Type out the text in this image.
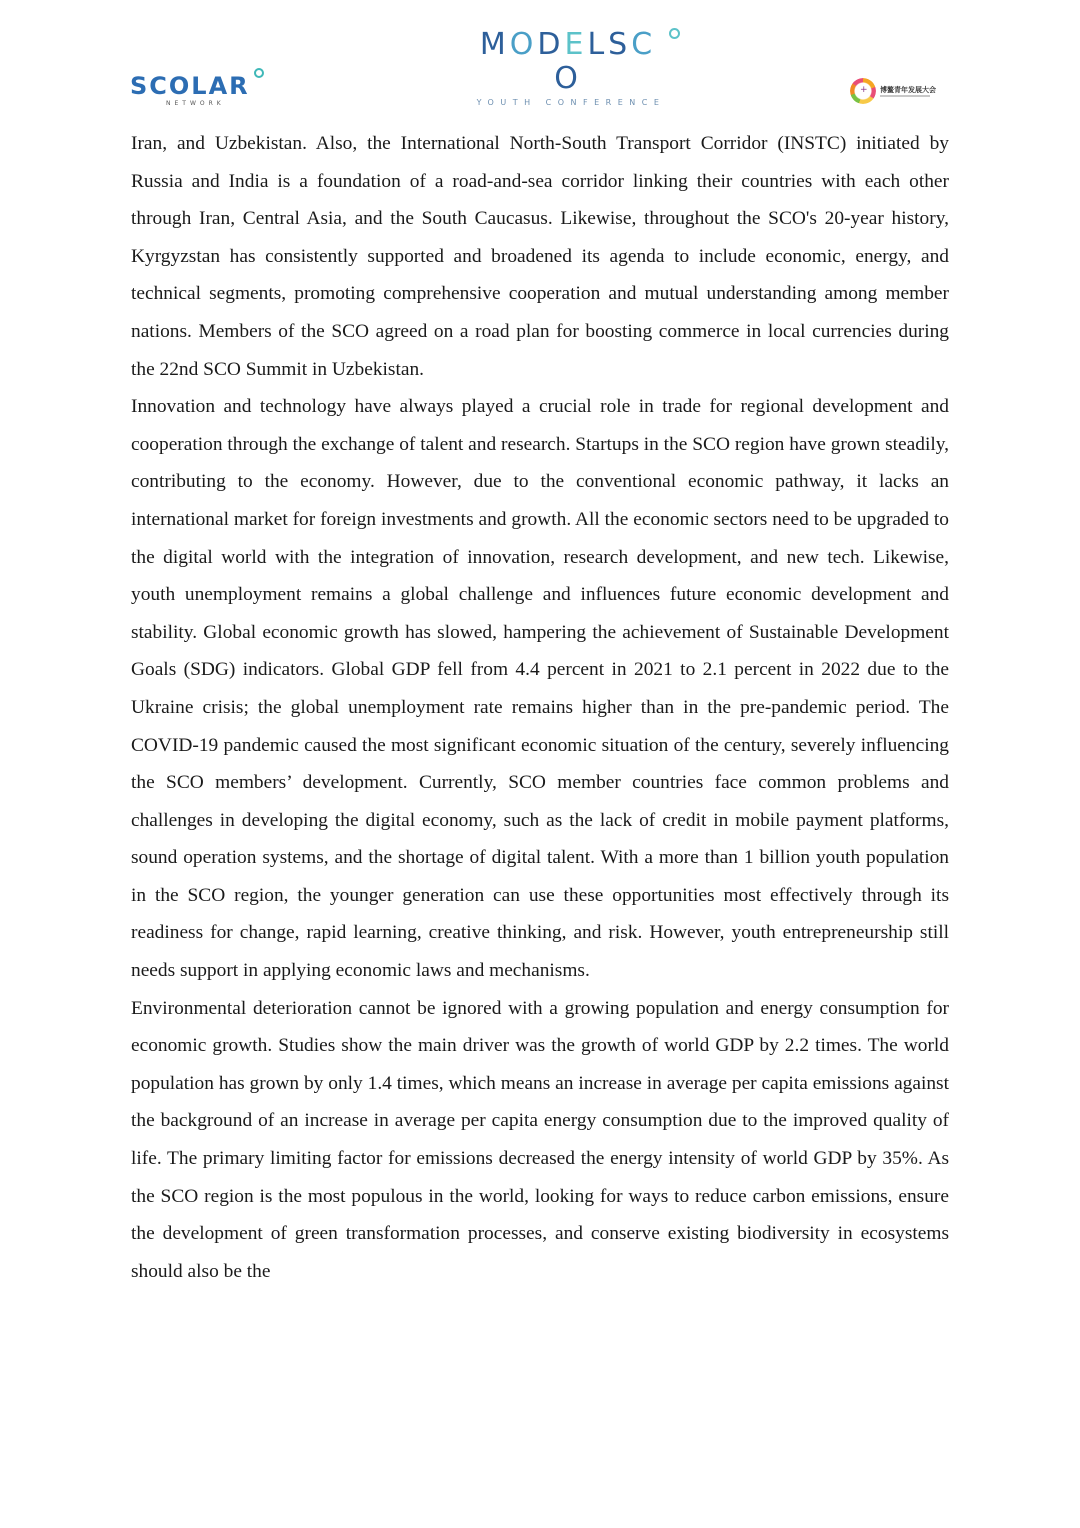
MODELSCO
YOUTH CONFERENCE
SCOLAR
NETWORK
+ 博鳌青年发展大会

Iran, and Uzbekistan. Also, the International North-South Transport Corridor (INSTC) initiated by Russia and India is a foundation of a road-and-sea corridor linking their countries with each other through Iran, Central Asia, and the South Caucasus. Likewise, throughout the SCO's 20-year history, Kyrgyzstan has consistently supported and broadened its agenda to include economic, energy, and technical segments, promoting comprehensive cooperation and mutual understanding among member nations. Members of the SCO agreed on a road plan for boosting commerce in local currencies during the 22nd SCO Summit in Uzbekistan.

Innovation and technology have always played a crucial role in trade for regional development and cooperation through the exchange of talent and research. Startups in the SCO region have grown steadily, contributing to the economy. However, due to the conventional economic pathway, it lacks an international market for foreign investments and growth. All the economic sectors need to be upgraded to the digital world with the integration of innovation, research development, and new tech. Likewise, youth unemployment remains a global challenge and influences future economic development and stability. Global economic growth has slowed, hampering the achievement of Sustainable Development Goals (SDG) indicators. Global GDP fell from 4.4 percent in 2021 to 2.1 percent in 2022 due to the Ukraine crisis; the global unemployment rate remains higher than in the pre-pandemic period. The COVID-19 pandemic caused the most significant economic situation of the century, severely influencing the SCO members’ development. Currently, SCO member countries face common problems and challenges in developing the digital economy, such as the lack of credit in mobile payment platforms, sound operation systems, and the shortage of digital talent. With a more than 1 billion youth population in the SCO region, the younger generation can use these opportunities most effectively through its readiness for change, rapid learning, creative thinking, and risk. However, youth entrepreneurship still needs support in applying economic laws and mechanisms.

Environmental deterioration cannot be ignored with a growing population and energy consumption for economic growth. Studies show the main driver was the growth of world GDP by 2.2 times. The world population has grown by only 1.4 times, which means an increase in average per capita emissions against the background of an increase in average per capita energy consumption due to the improved quality of life. The primary limiting factor for emissions decreased the energy intensity of world GDP by 35%. As the SCO region is the most populous in the world, looking for ways to reduce carbon emissions, ensure the development of green transformation processes, and conserve existing biodiversity in ecosystems should also be the
